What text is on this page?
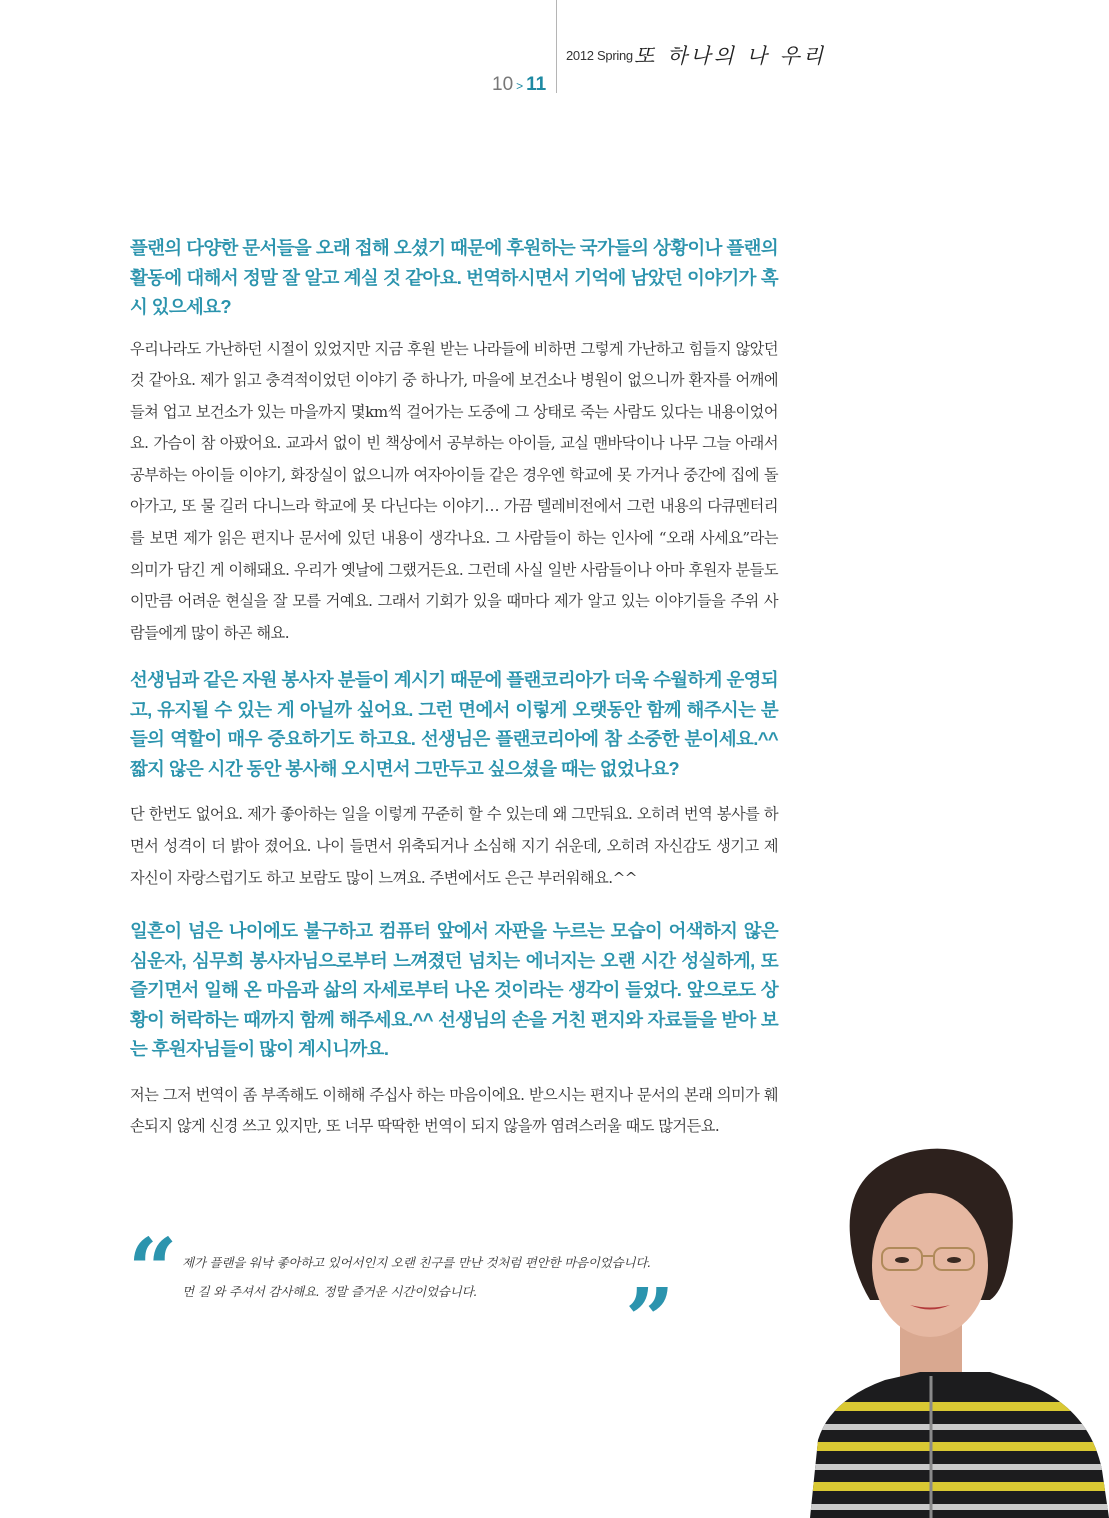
2012 Spring 또 하나의 나 우리
10 > 11

플랜의 다양한 문서들을 오래 접해 오셨기 때문에 후원하는 국가들의 상황이나 플랜의 활동에 대해서 정말 잘 알고 계실 것 같아요. 번역하시면서 기억에 남았던 이야기가 혹시 있으세요?

우리나라도 가난하던 시절이 있었지만 지금 후원 받는 나라들에 비하면 그렇게 가난하고 힘들지 않았던 것 같아요. 제가 읽고 충격적이었던 이야기 중 하나가, 마을에 보건소나 병원이 없으니까 환자를 어깨에 들쳐 업고 보건소가 있는 마을까지 몇km씩 걸어가는 도중에 그 상태로 죽는 사람도 있다는 내용이었어요. 가슴이 참 아팠어요. 교과서 없이 빈 책상에서 공부하는 아이들, 교실 맨바닥이나 나무 그늘 아래서 공부하는 아이들 이야기, 화장실이 없으니까 여자아이들 같은 경우엔 학교에 못 가거나 중간에 집에 돌아가고, 또 물 길러 다니느라 학교에 못 다닌다는 이야기… 가끔 텔레비전에서 그런 내용의 다큐멘터리를 보면 제가 읽은 편지나 문서에 있던 내용이 생각나요. 그 사람들이 하는 인사에 “오래 사세요”라는 의미가 담긴 게 이해돼요. 우리가 옛날에 그랬거든요. 그런데 사실 일반 사람들이나 아마 후원자 분들도 이만큼 어려운 현실을 잘 모를 거예요. 그래서 기회가 있을 때마다 제가 알고 있는 이야기들을 주위 사람들에게 많이 하곤 해요.

선생님과 같은 자원 봉사자 분들이 계시기 때문에 플랜코리아가 더욱 수월하게 운영되고, 유지될 수 있는 게 아닐까 싶어요. 그런 면에서 이렇게 오랫동안 함께 해주시는 분들의 역할이 매우 중요하기도 하고요. 선생님은 플랜코리아에 참 소중한 분이세요.^^ 짧지 않은 시간 동안 봉사해 오시면서 그만두고 싶으셨을 때는 없었나요?

단 한번도 없어요. 제가 좋아하는 일을 이렇게 꾸준히 할 수 있는데 왜 그만둬요. 오히려 번역 봉사를 하면서 성격이 더 밝아 졌어요. 나이 들면서 위축되거나 소심해 지기 쉬운데, 오히려 자신감도 생기고 제 자신이 자랑스럽기도 하고 보람도 많이 느껴요. 주변에서도 은근 부러워해요.^^

일흔이 넘은 나이에도 불구하고 컴퓨터 앞에서 자판을 누르는 모습이 어색하지 않은 심운자, 심무희 봉사자님으로부터 느껴졌던 넘치는 에너지는 오랜 시간 성실하게, 또 즐기면서 일해 온 마음과 삶의 자세로부터 나온 것이라는 생각이 들었다. 앞으로도 상황이 허락하는 때까지 함께 해주세요.^^ 선생님의 손을 거친 편지와 자료들을 받아 보는 후원자님들이 많이 계시니까요.

저는 그저 번역이 좀 부족해도 이해해 주십사 하는 마음이에요. 받으시는 편지나 문서의 본래 의미가 훼손되지 않게 신경 쓰고 있지만, 또 너무 딱딱한 번역이 되지 않을까 염려스러울 때도 많거든요.

“ 제가 플랜을 워낙 좋아하고 있어서인지 오랜 친구를 만난 것처럼 편안한 마음이었습니다.
먼 길 와 주셔서 감사해요. 정말 즐거운 시간이었습니다.	”
